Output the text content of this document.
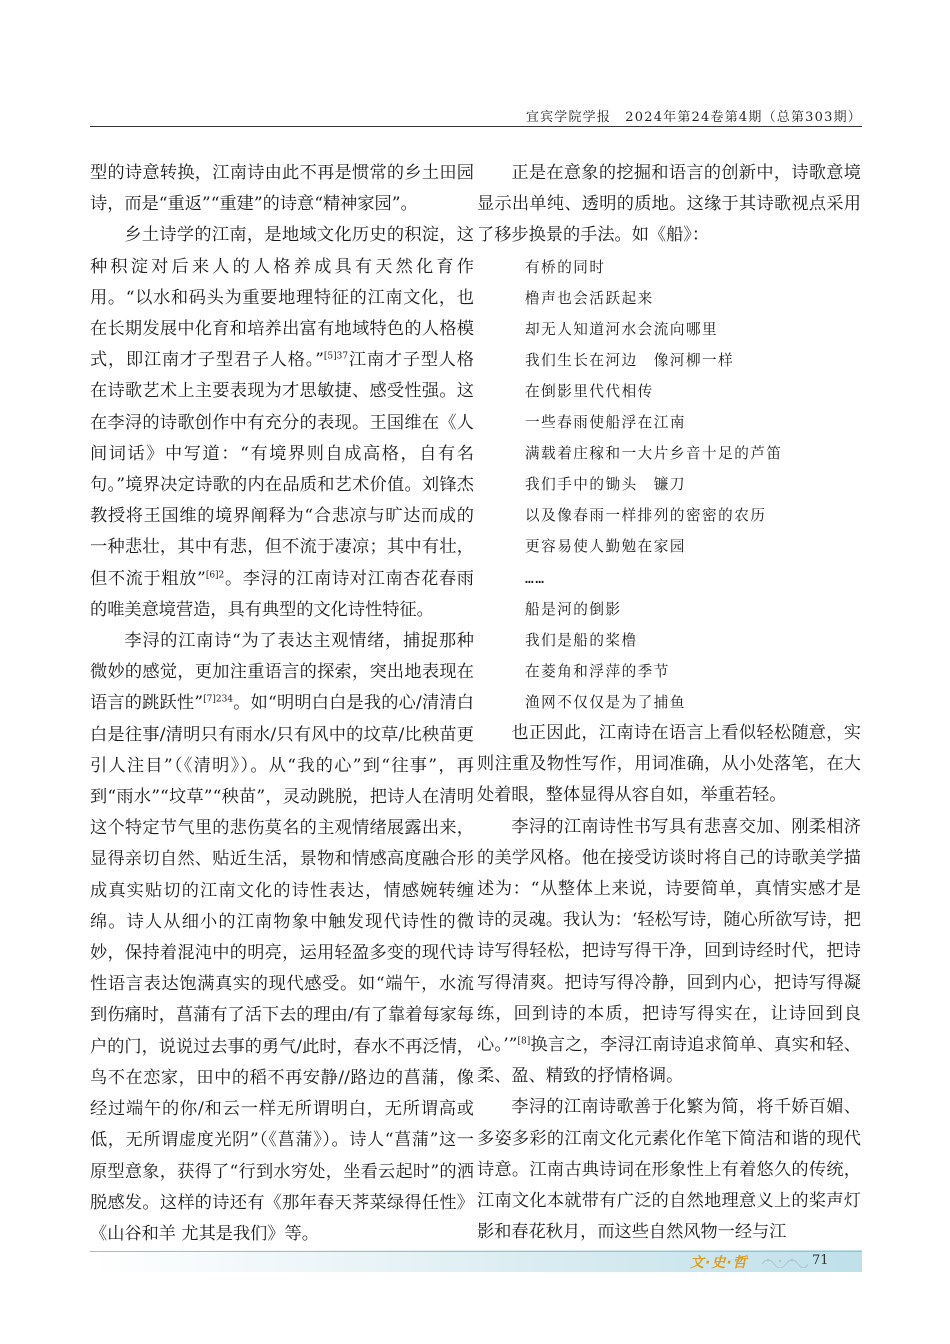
宜宾学院学报　2024年第24卷第4期（总第303期）

型的诗意转换，江南诗由此不再是惯常的乡土田园诗，而是“重返”“重建”的诗意“精神家园”。

乡土诗学的江南，是地域文化历史的积淀，这种积淀对后来人的人格养成具有天然化育作用。“以水和码头为重要地理特征的江南文化，也在长期发展中化育和培养出富有地域特色的人格模式，即江南才子型君子人格。”$^{[5]37}$江南才子型人格在诗歌艺术上主要表现为才思敏捷、感受性强。这在李浔的诗歌创作中有充分的表现。王国维在《人间词话》中写道：“有境界则自成高格，自有名句。”境界决定诗歌的内在品质和艺术价值。刘锋杰教授将王国维的境界阐释为“合悲凉与旷达而成的一种悲壮，其中有悲，但不流于凄凉；其中有壮，但不流于粗放”$^{[6]2}$。李浔的江南诗对江南杏花春雨的唯美意境营造，具有典型的文化诗性特征。

李浔的江南诗“为了表达主观情绪，捕捉那种微妙的感觉，更加注重语言的探索，突出地表现在语言的跳跃性”$^{[7]234}$。如“明明白白是我的心/清清白白是往事/清明只有雨水/只有风中的坟草/比秧苗更引人注目”（《清明》）。从“我的心”到“往事”，再到“雨水”“坟草”“秧苗”，灵动跳脱，把诗人在清明这个特定节气里的悲伤莫名的主观情绪展露出来，显得亲切自然、贴近生活，景物和情感高度融合形成真实贴切的江南文化的诗性表达，情感婉转缠绵。诗人从细小的江南物象中触发现代诗性的微妙，保持着混沌中的明亮，运用轻盈多变的现代诗性语言表达饱满真实的现代感受。如“端午，水流到伤痛时，菖蒲有了活下去的理由/有了靠着每家每户的门，说说过去事的勇气/此时，春水不再泛情，鸟不在恋家，田中的稻不再安静//路边的菖蒲，像经过端午的你/和云一样无所谓明白，无所谓高或低，无所谓虚度光阴”（《菖蒲》）。诗人“菖蒲”这一原型意象，获得了“行到水穷处，坐看云起时”的洒脱感发。这样的诗还有《那年春天荠菜绿得任性》《山谷和羊 尤其是我们》等。

正是在意象的挖掘和语言的创新中，诗歌意境显示出单纯、透明的质地。这缘于其诗歌视点采用了移步换景的手法。如《船》：

有桥的同时
橹声也会活跃起来
却无人知道河水会流向哪里
我们生长在河边　像河柳一样
在倒影里代代相传
一些春雨使船浮在江南
满载着庄稼和一大片乡音十足的芦笛
我们手中的锄头　镰刀
以及像春雨一样排列的密密的农历
更容易使人勤勉在家园
……
船是河的倒影
我们是船的桨橹
在菱角和浮萍的季节
渔网不仅仅是为了捕鱼

也正因此，江南诗在语言上看似轻松随意，实则注重及物性写作，用词准确，从小处落笔，在大处着眼，整体显得从容自如，举重若轻。

李浔的江南诗性书写具有悲喜交加、刚柔相济的美学风格。他在接受访谈时将自己的诗歌美学描述为：“从整体上来说，诗要简单，真情实感才是诗的灵魂。我认为：‘轻松写诗，随心所欲写诗，把诗写得轻松，把诗写得干净，回到诗经时代，把诗写得清爽。把诗写得冷静，回到内心，把诗写得凝练，回到诗的本质，把诗写得实在，让诗回到良心。’”[8]换言之，李浔江南诗追求简单、真实和轻、柔、盈、精致的抒情格调。

李浔的江南诗歌善于化繁为简，将千娇百媚、多姿多彩的江南文化元素化作笔下简洁和谐的现代诗意。江南古典诗词在形象性上有着悠久的传统，江南文化本就带有广泛的自然地理意义上的桨声灯影和春花秋月，而这些自然风物一经与江

文·史·哲	71
